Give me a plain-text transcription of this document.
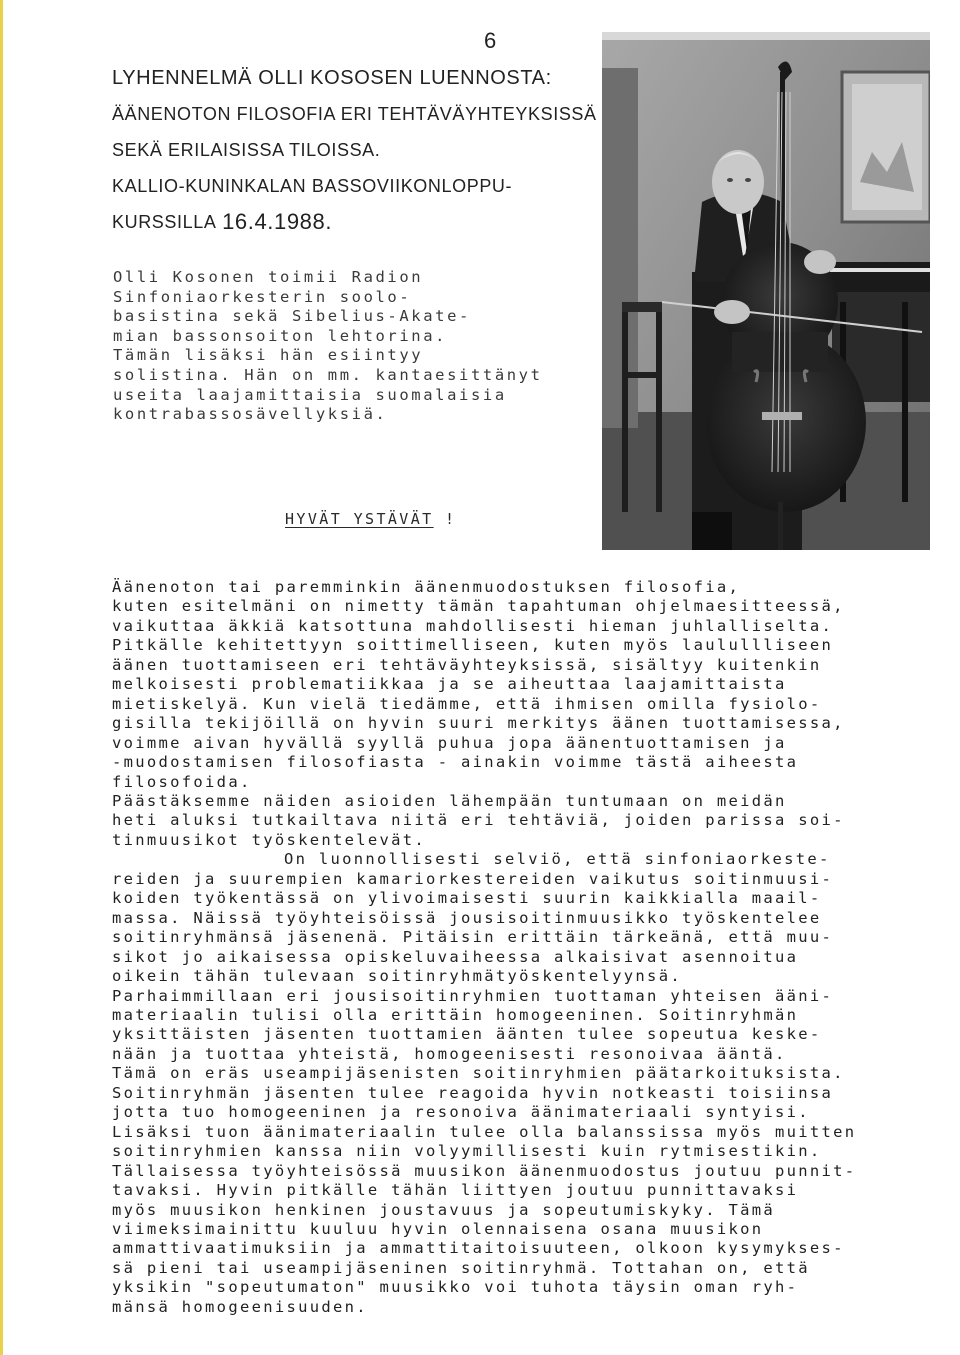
6
LYHENNELMÄ OLLI KOSOSEN LUENNOSTA:
ÄÄNENOTON FILOSOFIA ERI TEHTÄVÄYHTEYKSISSÄ
SEKÄ ERILAISISSA TILOISSA.
KALLIO-KUNINKALAN BASSOVIIKONLOPPU-
KURSSILLA
16.4.1988.
Olli Kosonen toimii Radion
Sinfoniaorkesterin soolo-
basistina sekä Sibelius-Akate-
mian bassonsoiton lehtorina.
Tämän lisäksi hän esiintyy
solistina. Hän on mm. kantaesittänyt
useita laajamittaisia suomalaisia
kontrabassosävellyksiä.
HYVÄT YSTÄVÄT !
Äänenoton tai paremminkin äänenmuodostuksen filosofia,
kuten esitelmäni on nimetty tämän tapahtuman ohjelmaesitteessä,
vaikuttaa äkkiä katsottuna mahdollisesti hieman juhlalliselta.
Pitkälle kehitettyyn soittimelliseen, kuten myös laulullliseen
äänen tuottamiseen eri tehtäväyhteyksissä, sisältyy kuitenkin
melkoisesti problematiikkaa ja se aiheuttaa laajamittaista
mietiskelyä. Kun vielä tiedämme, että ihmisen omilla fysiolo-
gisilla tekijöillä on hyvin suuri merkitys äänen tuottamisessa,
voimme aivan hyvällä syyllä puhua jopa äänentuottamisen ja
-muodostamisen filosofiasta - ainakin voimme tästä aiheesta
filosofoida.
Päästäksemme näiden asioiden lähempään tuntumaan on meidän
heti aluksi tutkailtava niitä eri tehtäviä, joiden parissa soi-
tinmuusikot työskentelevät.
On luonnollisesti selviö, että sinfoniaorkeste-
reiden ja suurempien kamariorkestereiden vaikutus soitinmuusi-
koiden työkentässä on ylivoimaisesti suurin kaikkialla maail-
massa. Näissä työyhteisöissä jousisoitinmuusikko työskentelee
soitinryhmänsä jäsenenä. Pitäisin erittäin tärkeänä, että muu-
sikot jo aikaisessa opiskeluvaiheessa alkaisivat asennoitua
oikein tähän tulevaan soitinryhmätyöskentelyynsä.
Parhaimmillaan eri jousisoitinryhmien tuottaman yhteisen ääni-
materiaalin tulisi olla erittäin homogeeninen. Soitinryhmän
yksittäisten jäsenten tuottamien äänten tulee sopeutua keske-
nään ja tuottaa yhteistä, homogeenisesti resonoivaa ääntä.
Tämä on eräs useampijäsenisten soitinryhmien päätarkoituksista.
Soitinryhmän jäsenten tulee reagoida hyvin notkeasti toisiinsa
jotta tuo homogeeninen ja resonoiva äänimateriaali syntyisi.
Lisäksi tuon äänimateriaalin tulee olla balanssissa myös muitten
soitinryhmien kanssa niin volyymillisesti kuin rytmisestikin.
Tällaisessa työyhteisössä muusikon äänenmuodostus joutuu punnit-
tavaksi. Hyvin pitkälle tähän liittyen joutuu punnittavaksi
myös muusikon henkinen joustavuus ja sopeutumiskyky. Tämä
viimeksimainittu kuuluu hyvin olennaisena osana muusikon
ammattivaatimuksiin ja ammattitaitoisuuteen, olkoon kysymykses-
sä pieni tai useampijäseninen soitinryhmä. Tottahan on, että
yksikin "sopeutumaton" muusikko voi tuhota täysin oman ryh-
mänsä homogeenisuuden.
